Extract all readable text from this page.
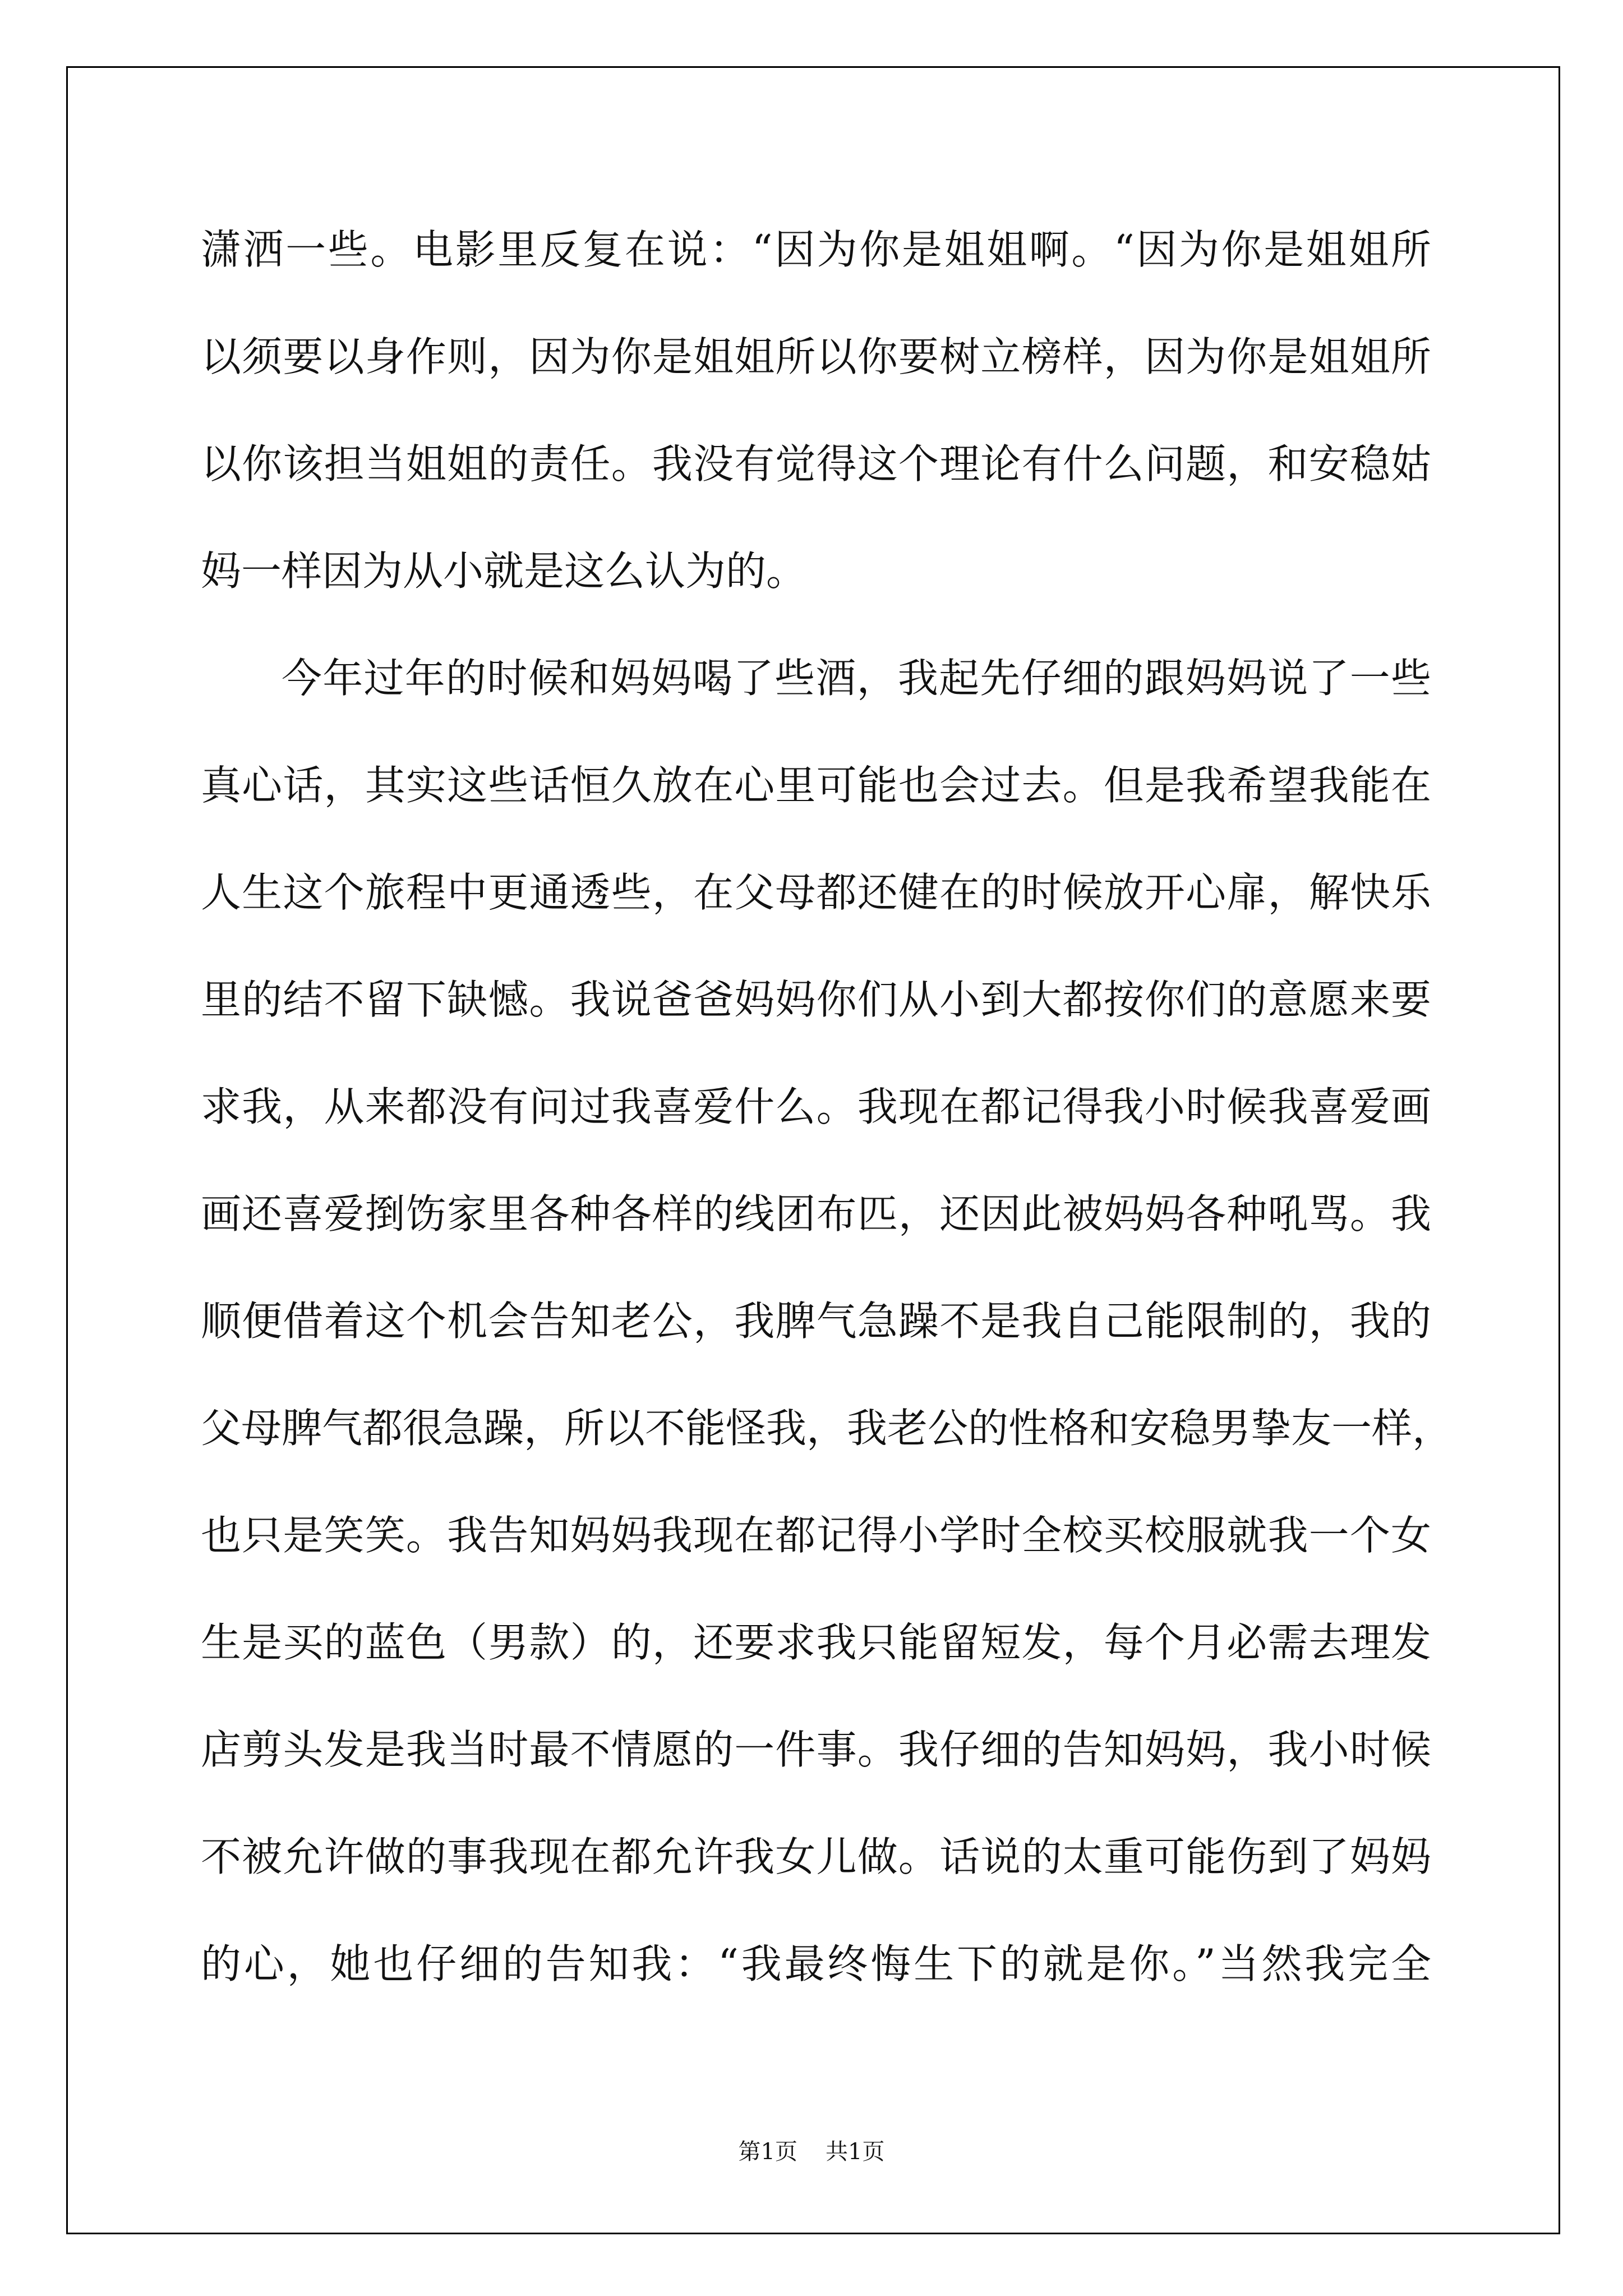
潇洒一些。电影里反复在说：“因为你是姐姐啊。“因为你是姐姐所
以须要以身作则，因为你是姐姐所以你要树立榜样，因为你是姐姐所
以你该担当姐姐的责任。我没有觉得这个理论有什么问题，和安稳姑
妈一样因为从小就是这么认为的。
今年过年的时候和妈妈喝了些酒，我起先仔细的跟妈妈说了一些
真心话，其实这些话恒久放在心里可能也会过去。但是我希望我能在
人生这个旅程中更通透些，在父母都还健在的时候放开心扉，解快乐
里的结不留下缺憾。我说爸爸妈妈你们从小到大都按你们的意愿来要
求我，从来都没有问过我喜爱什么。我现在都记得我小时候我喜爱画
画还喜爱捯饬家里各种各样的线团布匹，还因此被妈妈各种吼骂。我
顺便借着这个机会告知老公，我脾气急躁不是我自己能限制的，我的
父母脾气都很急躁，所以不能怪我，我老公的性格和安稳男挚友一样，
也只是笑笑。我告知妈妈我现在都记得小学时全校买校服就我一个女
生是买的蓝色（男款）的，还要求我只能留短发，每个月必需去理发
店剪头发是我当时最不情愿的一件事。我仔细的告知妈妈，我小时候
不被允许做的事我现在都允许我女儿做。话说的太重可能伤到了妈妈
的心，她也仔细的告知我：“我最终悔生下的就是你。”当然我完全
第1页 共1页
